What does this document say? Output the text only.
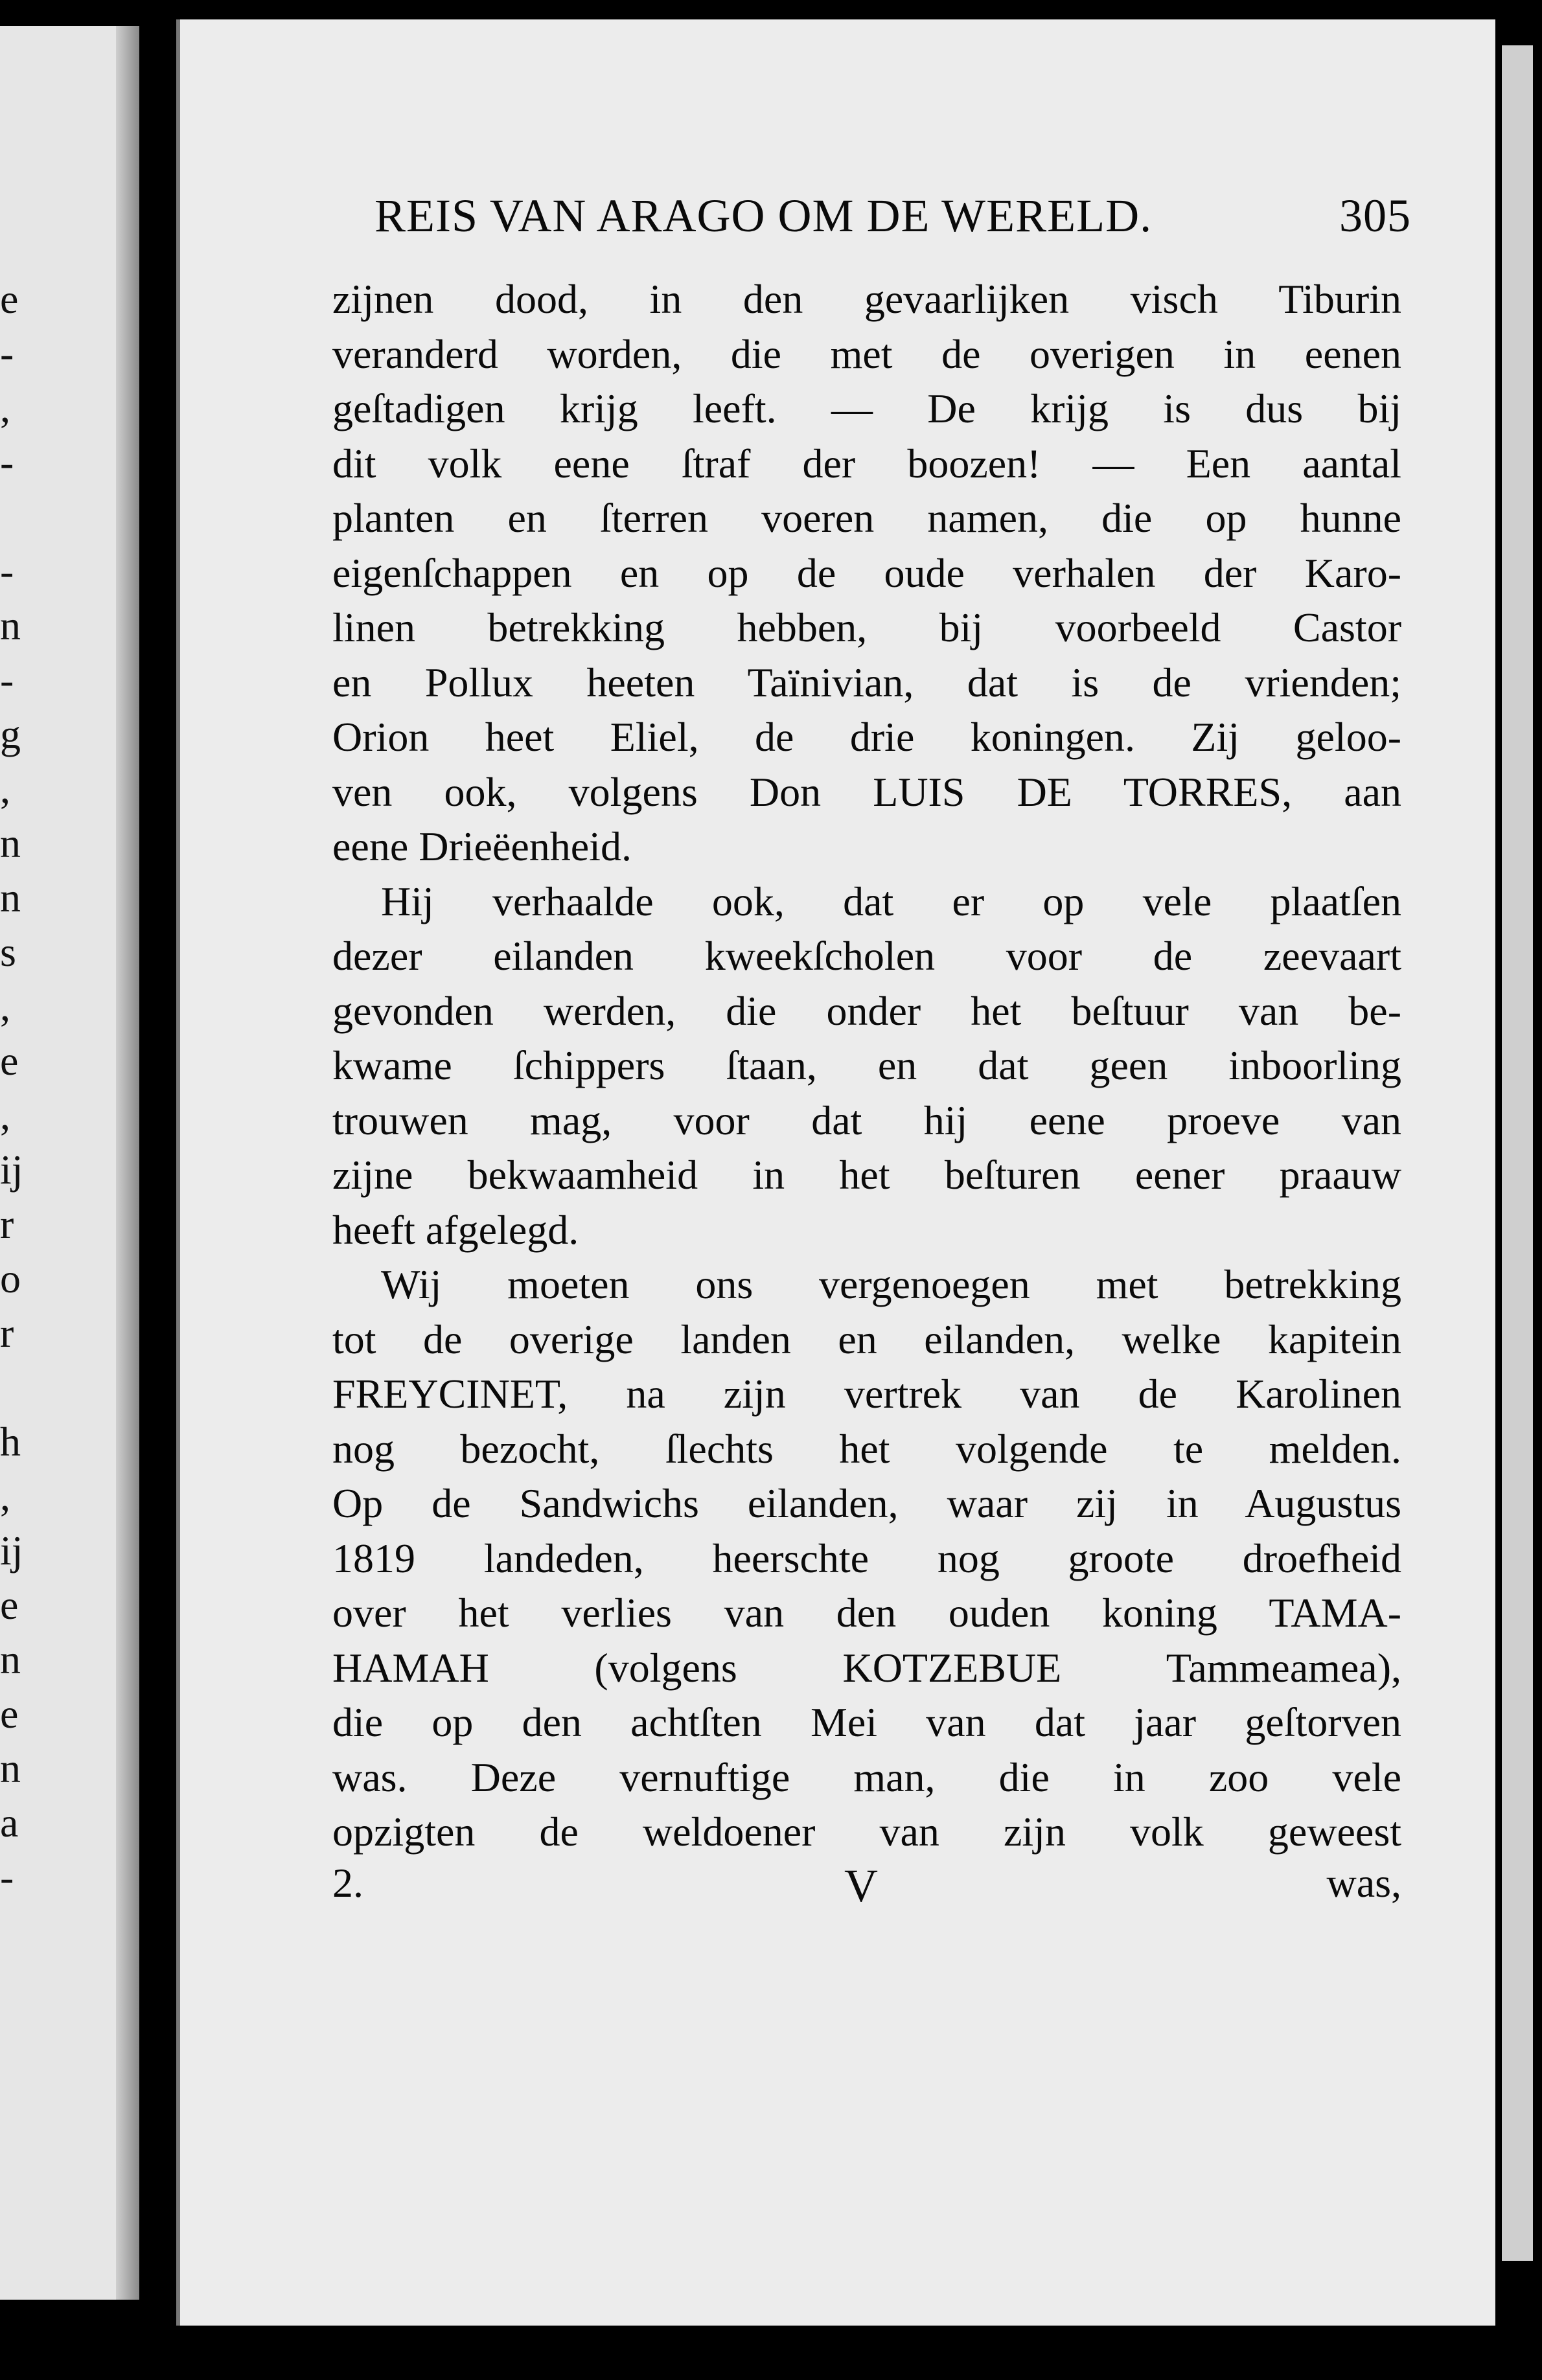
e
-
,
-
-
n
-
g
,
n
n
s
,
e
,
ij
r
o
r
h
,
ij
e
n
e
n
a
-
REIS VAN ARAGO OM DE WERELD.	305
zijnen dood, in den gevaarlijken visch Tiburin
veranderd worden, die met de overigen in eenen
geſtadigen krijg leeft. — De krijg is dus bij
dit volk eene ſtraf der boozen! — Een aantal
planten en ſterren voeren namen, die op hunne
eigenſchappen en op de oude verhalen der Karo-
linen betrekking hebben, bij voorbeeld Castor
en Pollux heeten Taïnivian, dat is de vrienden;
Orion heet Eliel, de drie koningen. Zij geloo-
ven ook, volgens Don LUIS DE TORRES, aan
eene Drieëenheid.
Hij verhaalde ook, dat er op vele plaatſen
dezer eilanden kweekſcholen voor de zeevaart
gevonden werden, die onder het beſtuur van be-
kwame ſchippers ſtaan, en dat geen inboorling
trouwen mag, voor dat hij eene proeve van
zijne bekwaamheid in het beſturen eener praauw
heeft afgelegd.
Wij moeten ons vergenoegen met betrekking
tot de overige landen en eilanden, welke kapitein
FREYCINET, na zijn vertrek van de Karolinen
nog bezocht, ſlechts het volgende te melden.
Op de Sandwichs eilanden, waar zij in Augustus
1819 landeden, heerschte nog groote droefheid
over het verlies van den ouden koning TAMA-
HAMAH (volgens KOTZEBUE Tammeamea),
die op den achtſten Mei van dat jaar geſtorven
was. Deze vernuftige man, die in zoo vele
opzigten de weldoener van zijn volk geweest
2.	V	was,
